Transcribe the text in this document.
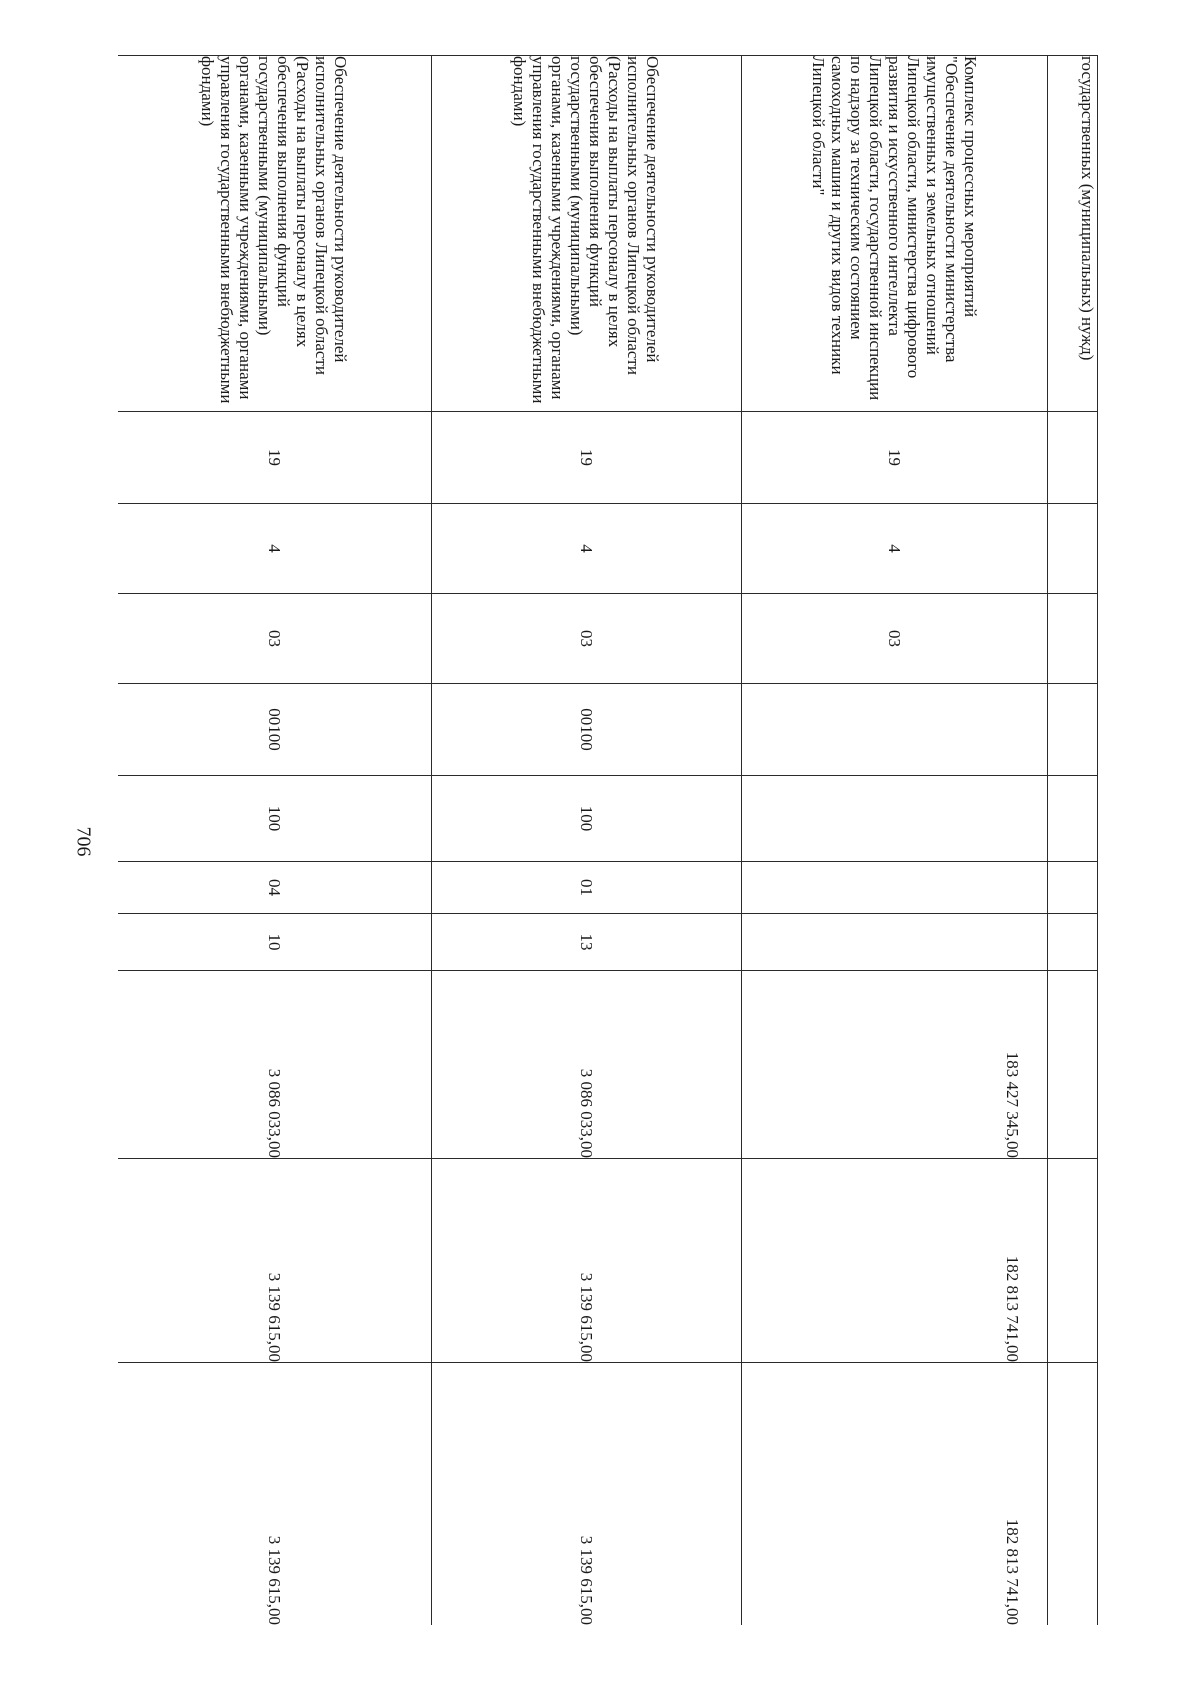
706
государственных (муниципальных) нужд)										
Комплекс процессных мероприятий "Обеспечение деятельности министерства имущественных и земельных отношений Липецкой области, министерства цифрового развития и искусственного интеллекта Липецкой области, государственной инспекции по надзору за техническим состоянием самоходных машин и других видов техники Липецкой области"	19	4	03					183 427 345,00	182 813 741,00	182 813 741,00
Обеспечение деятельности руководителей исполнительных органов Липецкой области (Расходы на выплаты персоналу в целях обеспечения выполнения функций государственными (муниципальными) органами, казенными учреждениями, органами управления государственными внебюджетными фондами)	19	4	03	00100	100	01	13	3 086 033,00	3 139 615,00	3 139 615,00
Обеспечение деятельности руководителей исполнительных органов Липецкой области (Расходы на выплаты персоналу в целях обеспечения выполнения функций государственными (муниципальными) органами, казенными учреждениями, органами управления государственными внебюджетными фондами)	19	4	03	00100	100	04	10	3 086 033,00	3 139 615,00	3 139 615,00
